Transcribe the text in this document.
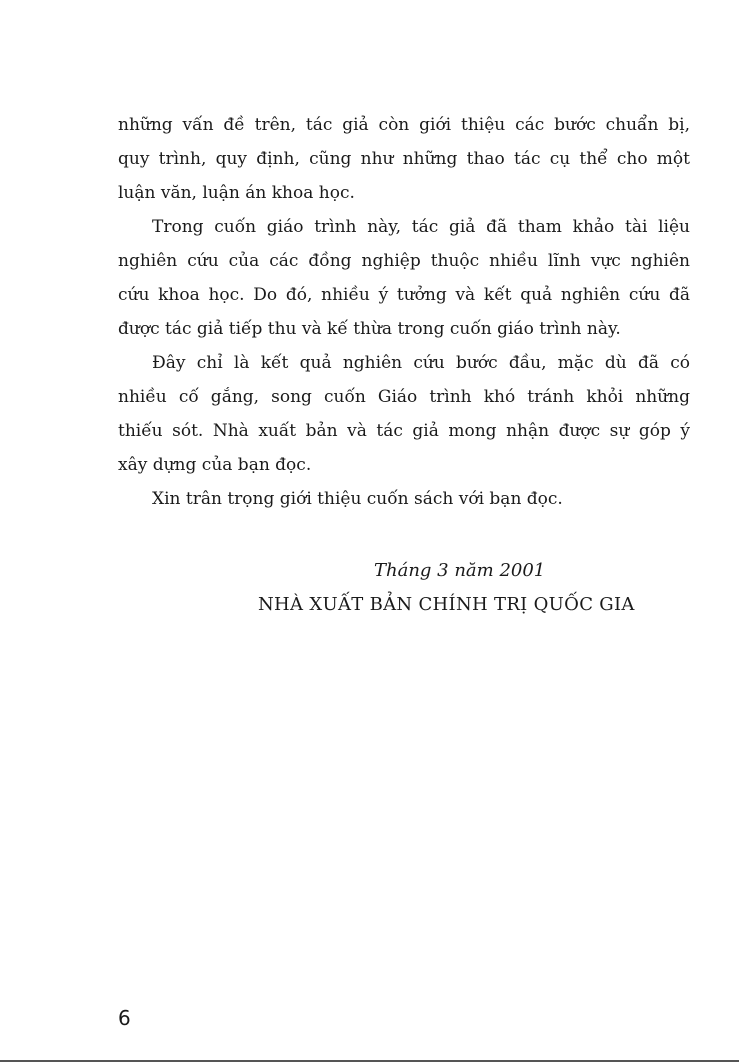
những vấn đề trên, tác giả còn giới thiệu các bước chuẩn bị,
quy trình, quy định, cũng như những thao tác cụ thể cho một
luận văn, luận án khoa học.
Trong cuốn giáo trình này, tác giả đã tham khảo tài liệu
nghiên cứu của các đồng nghiệp thuộc nhiều lĩnh vực nghiên
cứu khoa học. Do đó, nhiều ý tưởng và kết quả nghiên cứu đã
được tác giả tiếp thu và kế thừa trong cuốn giáo trình này.
Đây chỉ là kết quả nghiên cứu bước đầu, mặc dù đã có
nhiều cố gắng, song cuốn Giáo trình khó tránh khỏi những
thiếu sót. Nhà xuất bản và tác giả mong nhận được sự góp ý
xây dựng của bạn đọc.
Xin trân trọng giới thiệu cuốn sách với bạn đọc.
Tháng 3 năm 2001
NHÀ XUẤT BẢN CHÍNH TRỊ QUỐC GIA
6
